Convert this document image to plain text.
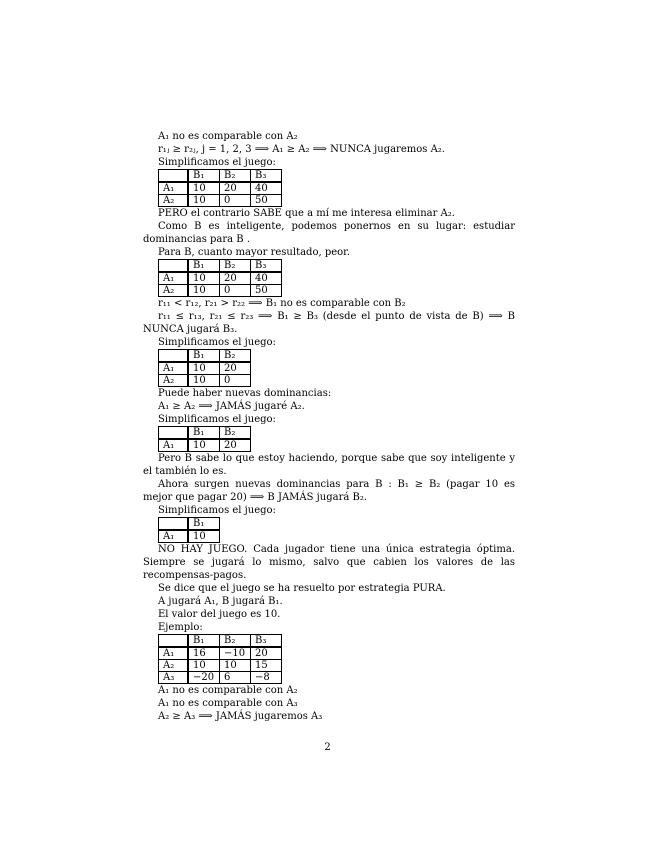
A₁ no es comparable con A₂

r₁ⱼ ≥ r₂ⱼ, j = 1, 2, 3 ⟹ A₁ ≥ A₂ ⟹ NUNCA jugaremos A₂.

Simplificamos el juego:

	B₁	B₂	B₃
A₁	10	20	40
A₂	10	0	50

PERO el contrario SABE que a mí me interesa eliminar A₂.

Como B es inteligente, podemos ponernos en su lugar: estudiar dominancias para B .

Para B, cuanto mayor resultado, peor.

	B₁	B₂	B₃
A₁	10	20	40
A₂	10	0	50

r₁₁ < r₁₂, r₂₁ > r₂₂ ⟹ B₁ no es comparable con B₂

r₁₁ ≤ r₁₃, r₂₁ ≤ r₂₃ ⟹ B₁ ≥ B₃ (desde el punto de vista de B) ⟹ B NUNCA jugará B₃.

Simplificamos el juego:

	B₁	B₂
A₁	10	20
A₂	10	0

Puede haber nuevas dominancias:

A₁ ≥ A₂ ⟹ JAMÁS jugaré A₂.

Simplificamos el juego:

	B₁	B₂
A₁	10	20

Pero B sabe lo que estoy haciendo, porque sabe que soy inteligente y el también lo es.

Ahora surgen nuevas dominancias para B : B₁ ≥ B₂ (pagar 10 es mejor que pagar 20) ⟹ B JAMÁS jugará B₂.

Simplificamos el juego:

	B₁
A₁	10

NO HAY JUEGO. Cada jugador tiene una única estrategia óptima. Siempre se jugará lo mismo, salvo que cabien los valores de las recompensas-pagos.

Se dice que el juego se ha resuelto por estrategia PURA.

A jugará A₁, B jugará B₁.

El valor del juego es 10.

Ejemplo:

	B₁	B₂	B₃
A₁	16	−10	20
A₂	10	10	15
A₃	−20	6	−8

A₁ no es comparable con A₂

A₁ no es comparable con A₃

A₂ ≥ A₃ ⟹ JAMÁS jugaremos A₃

2
